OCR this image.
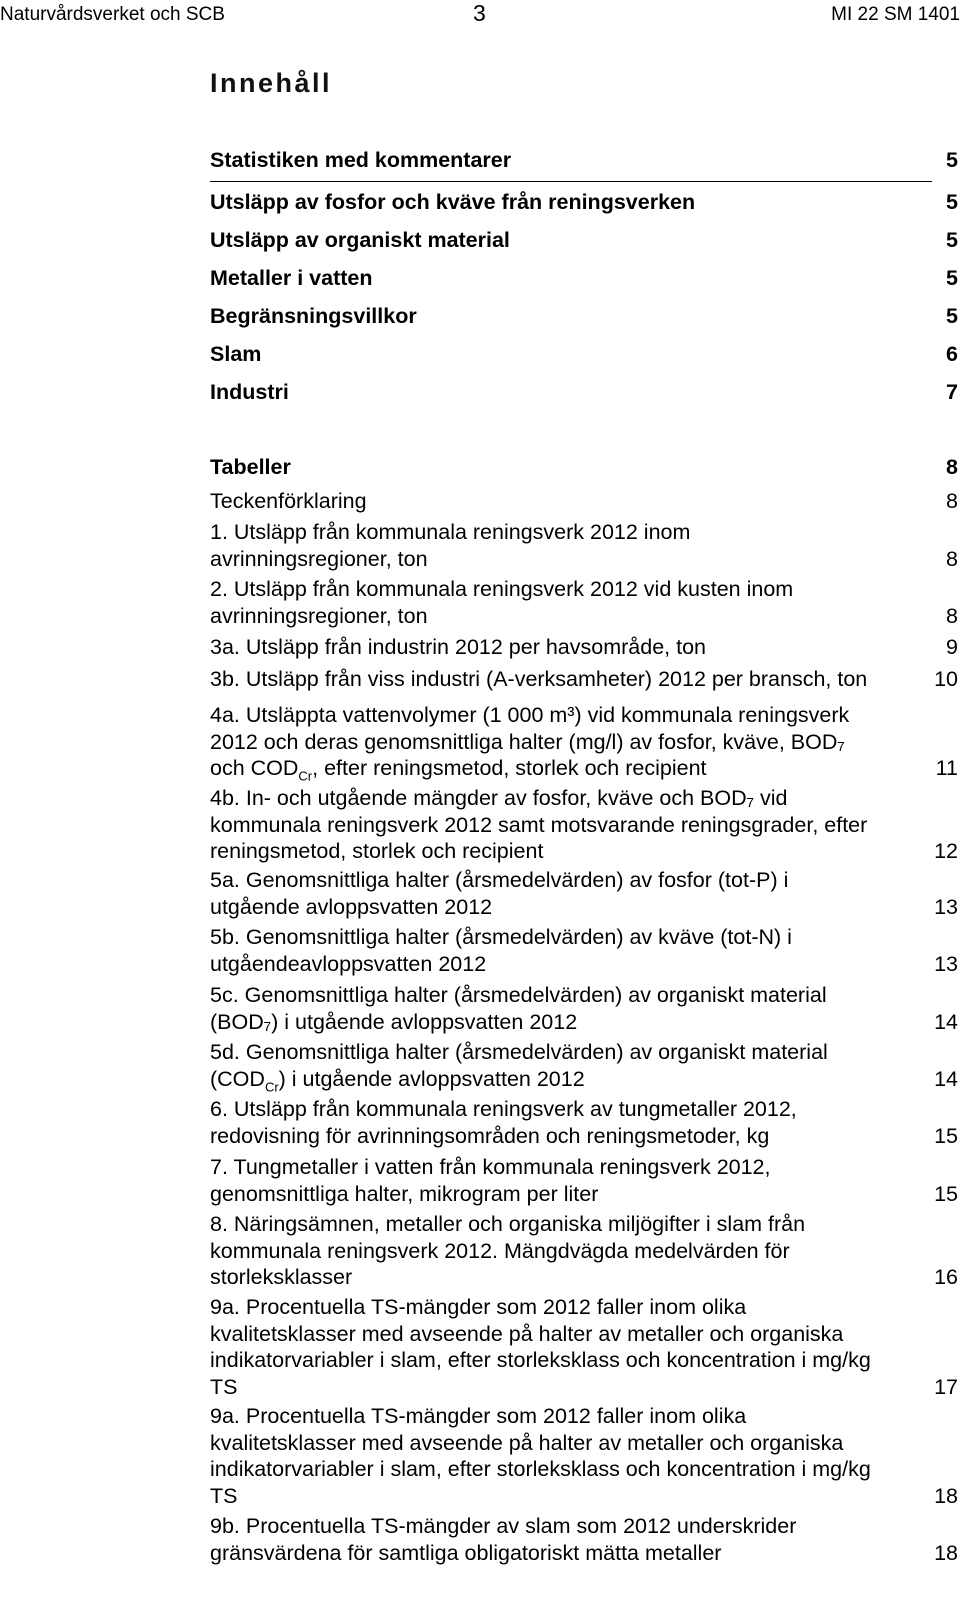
Naturvårdsverket och SCB	3	MI 22 SM 1401
Innehåll
Statistiken med kommentarer	5
Utsläpp av fosfor och kväve från reningsverken	5
Utsläpp av organiskt material	5
Metaller i vatten	5
Begränsningsvillkor	5
Slam	6
Industri	7
Tabeller	8
Teckenförklaring	8
1. Utsläpp från kommunala reningsverk 2012 inom
avrinningsregioner, ton	8
2. Utsläpp från kommunala reningsverk 2012 vid kusten inom
avrinningsregioner, ton	8
3a. Utsläpp från industrin 2012 per havsområde, ton	9
3b. Utsläpp från viss industri (A-verksamheter) 2012 per bransch, ton	10
4a. Utsläppta vattenvolymer (1 000 m³) vid kommunala reningsverk
2012 och deras genomsnittliga halter (mg/l) av fosfor, kväve, BOD₇
och $COD_{Cr}$, efter reningsmetod, storlek och recipient	11
4b. In- och utgående mängder av fosfor, kväve och BOD₇ vid
kommunala reningsverk 2012 samt motsvarande reningsgrader, efter
reningsmetod, storlek och recipient	12
5a. Genomsnittliga halter (årsmedelvärden) av fosfor (tot-P) i
utgående avloppsvatten 2012	13
5b. Genomsnittliga halter (årsmedelvärden) av kväve (tot-N) i
utgåendeavloppsvatten 2012	13
5c. Genomsnittliga halter (årsmedelvärden) av organiskt material
(BOD₇) i utgående avloppsvatten 2012	14
5d. Genomsnittliga halter (årsmedelvärden) av organiskt material
$(COD_{Cr})$ i utgående avloppsvatten 2012	14
6. Utsläpp från kommunala reningsverk av tungmetaller 2012,
redovisning för avrinningsområden och reningsmetoder, kg	15
7. Tungmetaller i vatten från kommunala reningsverk 2012,
genomsnittliga halter, mikrogram per liter	15
8. Näringsämnen, metaller och organiska miljögifter i slam från
kommunala reningsverk 2012. Mängdvägda medelvärden för
storleksklasser	16
9a. Procentuella TS-mängder som 2012 faller inom olika
kvalitetsklasser med avseende på halter av metaller och organiska
indikatorvariabler i slam, efter storleksklass och koncentration i mg/kg
TS	17
9a. Procentuella TS-mängder som 2012 faller inom olika
kvalitetsklasser med avseende på halter av metaller och organiska
indikatorvariabler i slam, efter storleksklass och koncentration i mg/kg
TS	18
9b. Procentuella TS-mängder av slam som 2012 underskrider
gränsvärdena för samtliga obligatoriskt mätta metaller	18
